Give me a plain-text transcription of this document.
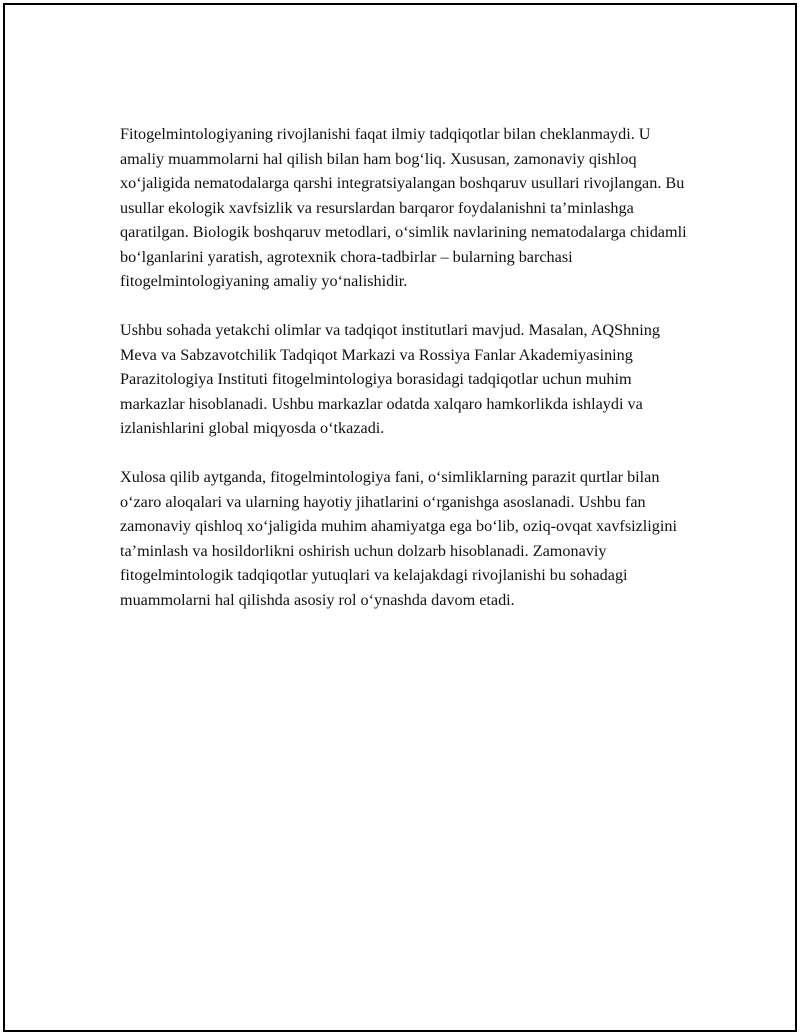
Fitogelmintologiyaning rivojlanishi faqat ilmiy tadqiqotlar bilan cheklanmaydi. U amaliy muammolarni hal qilish bilan ham bog‘liq. Xususan, zamonaviy qishloq xo‘jaligida nematodalarga qarshi integratsiyalangan boshqaruv usullari rivojlangan. Bu usullar ekologik xavfsizlik va resurslardan barqaror foydalanishni ta’minlashga qaratilgan. Biologik boshqaruv metodlari, o‘simlik navlarining nematodalarga chidamli bo‘lganlarini yaratish, agrotexnik chora-tadbirlar – bularning barchasi fitogelmintologiyaning amaliy yo‘nalishidir.

Ushbu sohada yetakchi olimlar va tadqiqot institutlari mavjud. Masalan, AQShning Meva va Sabzavotchilik Tadqiqot Markazi va Rossiya Fanlar Akademiyasining Parazitologiya Instituti fitogelmintologiya borasidagi tadqiqotlar uchun muhim markazlar hisoblanadi. Ushbu markazlar odatda xalqaro hamkorlikda ishlaydi va izlanishlarini global miqyosda o‘tkazadi.

Xulosa qilib aytganda, fitogelmintologiya fani, o‘simliklarning parazit qurtlar bilan o‘zaro aloqalari va ularning hayotiy jihatlarini o‘rganishga asoslanadi. Ushbu fan zamonaviy qishloq xo‘jaligida muhim ahamiyatga ega bo‘lib, oziq-ovqat xavfsizligini ta’minlash va hosildorlikni oshirish uchun dolzarb hisoblanadi. Zamonaviy fitogelmintologik tadqiqotlar yutuqlari va kelajakdagi rivojlanishi bu sohadagi muammolarni hal qilishda asosiy rol o‘ynashda davom etadi.
